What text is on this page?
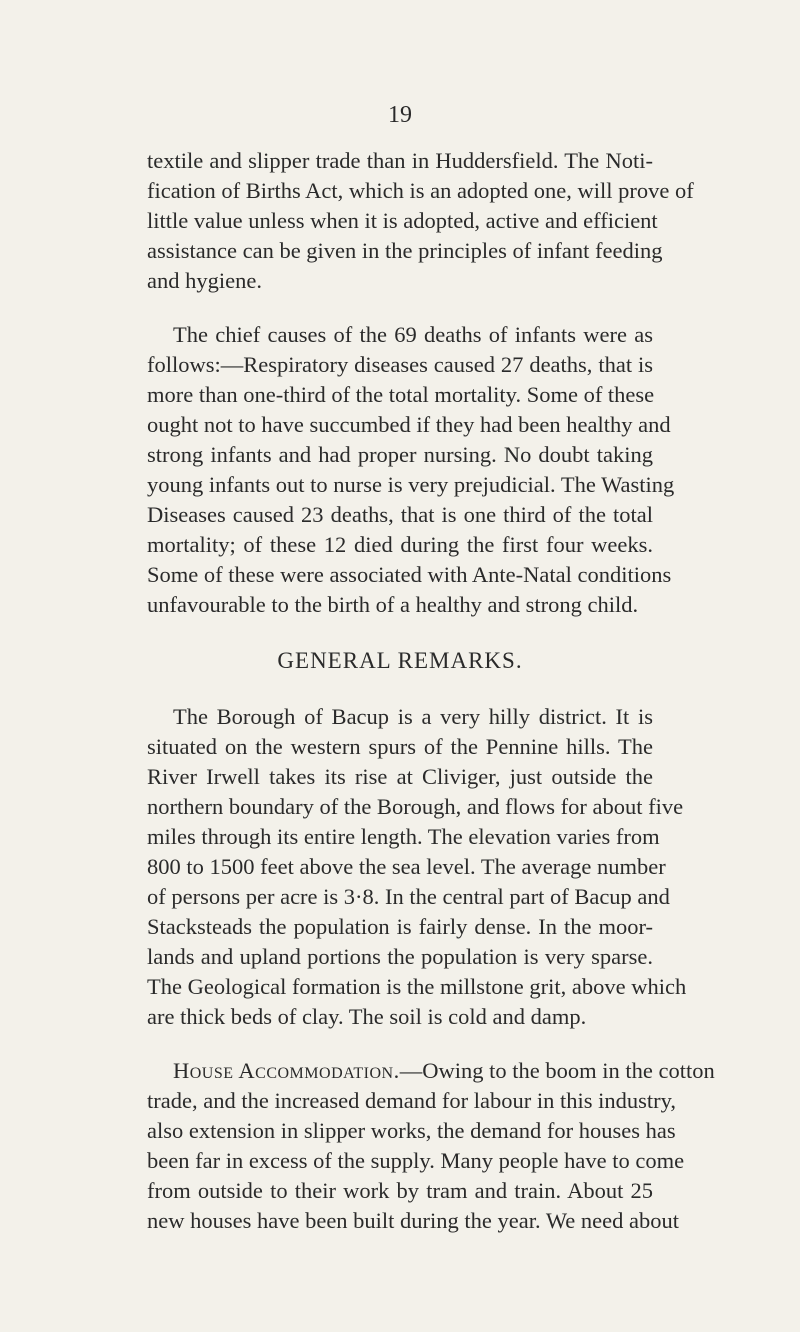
19
textile and slipper trade than in Huddersfield. The Noti-
fication of Births Act, which is an adopted one, will prove of
little value unless when it is adopted, active and efficient
assistance can be given in the principles of infant feeding
and hygiene.
The chief causes of the 69 deaths of infants were as
follows:—Respiratory diseases caused 27 deaths, that is
more than one-third of the total mortality. Some of these
ought not to have succumbed if they had been healthy and
strong infants and had proper nursing. No doubt taking
young infants out to nurse is very prejudicial. The Wasting
Diseases caused 23 deaths, that is one third of the total
mortality; of these 12 died during the first four weeks.
Some of these were associated with Ante-Natal conditions
unfavourable to the birth of a healthy and strong child.
GENERAL REMARKS.
The Borough of Bacup is a very hilly district. It is
situated on the western spurs of the Pennine hills. The
River Irwell takes its rise at Cliviger, just outside the
northern boundary of the Borough, and flows for about five
miles through its entire length. The elevation varies from
800 to 1500 feet above the sea level. The average number
of persons per acre is 3·8. In the central part of Bacup and
Stacksteads the population is fairly dense. In the moor-
lands and upland portions the population is very sparse.
The Geological formation is the millstone grit, above which
are thick beds of clay. The soil is cold and damp.
House Accommodation.—Owing to the boom in the cotton
trade, and the increased demand for labour in this industry,
also extension in slipper works, the demand for houses has
been far in excess of the supply. Many people have to come
from outside to their work by tram and train. About 25
new houses have been built during the year. We need about
